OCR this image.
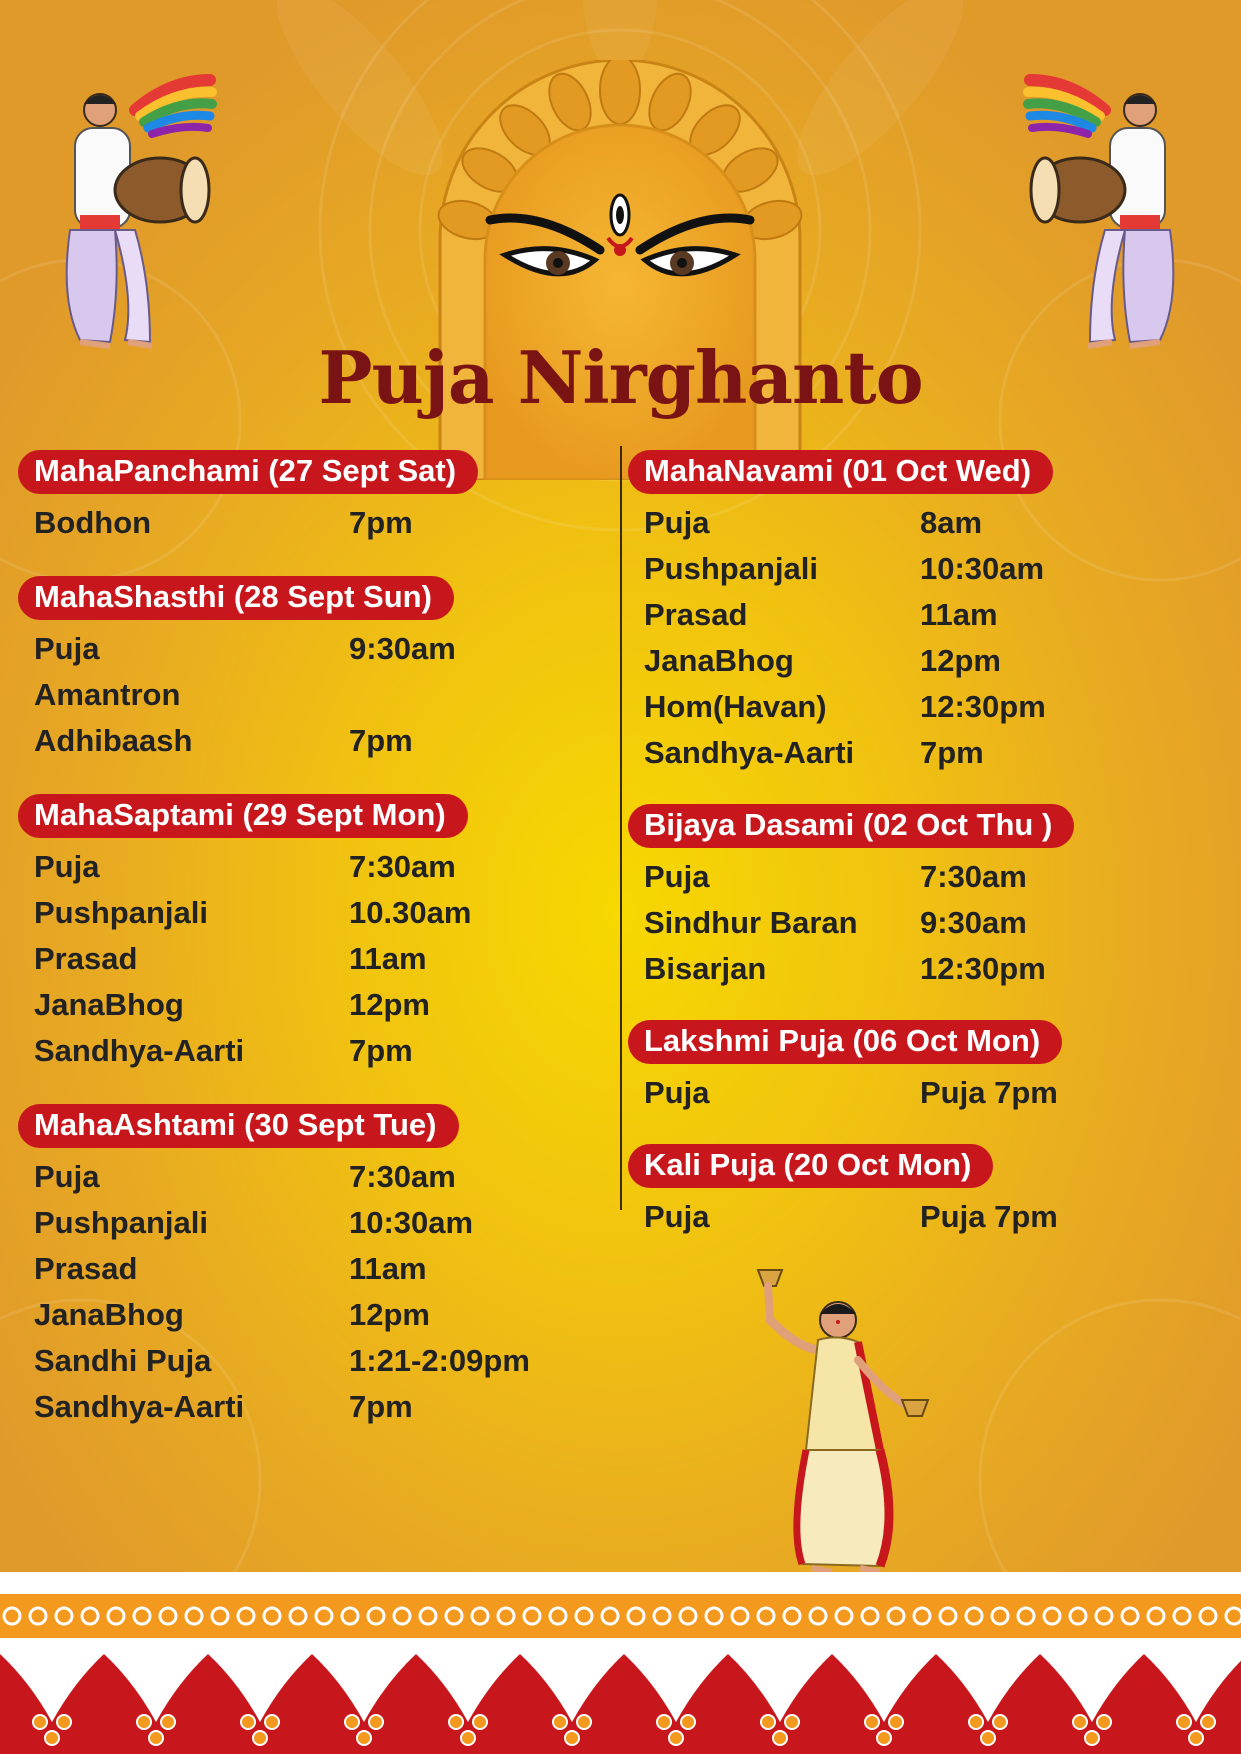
Puja Nirghanto
MahaPanchami (27 Sept Sat)
Bodhon	7pm
MahaShasthi (28 Sept Sun)
Puja	9:30am
Amantron
Adhibaash	7pm
MahaSaptami (29 Sept Mon)
Puja	7:30am
Pushpanjali	10.30am
Prasad	11am
JanaBhog	12pm
Sandhya-Aarti	7pm
MahaAshtami (30 Sept Tue)
Puja	7:30am
Pushpanjali	10:30am
Prasad	11am
JanaBhog	12pm
Sandhi Puja	1:21-2:09pm
Sandhya-Aarti	7pm
MahaNavami (01 Oct Wed)
Puja	8am
Pushpanjali	10:30am
Prasad	11am
JanaBhog	12pm
Hom(Havan)	12:30pm
Sandhya-Aarti	7pm
Bijaya Dasami (02 Oct Thu )
Puja	7:30am
Sindhur Baran	9:30am
Bisarjan	12:30pm
Lakshmi Puja (06 Oct Mon)
Puja	Puja 7pm
Kali Puja (20 Oct Mon)
Puja	Puja 7pm
